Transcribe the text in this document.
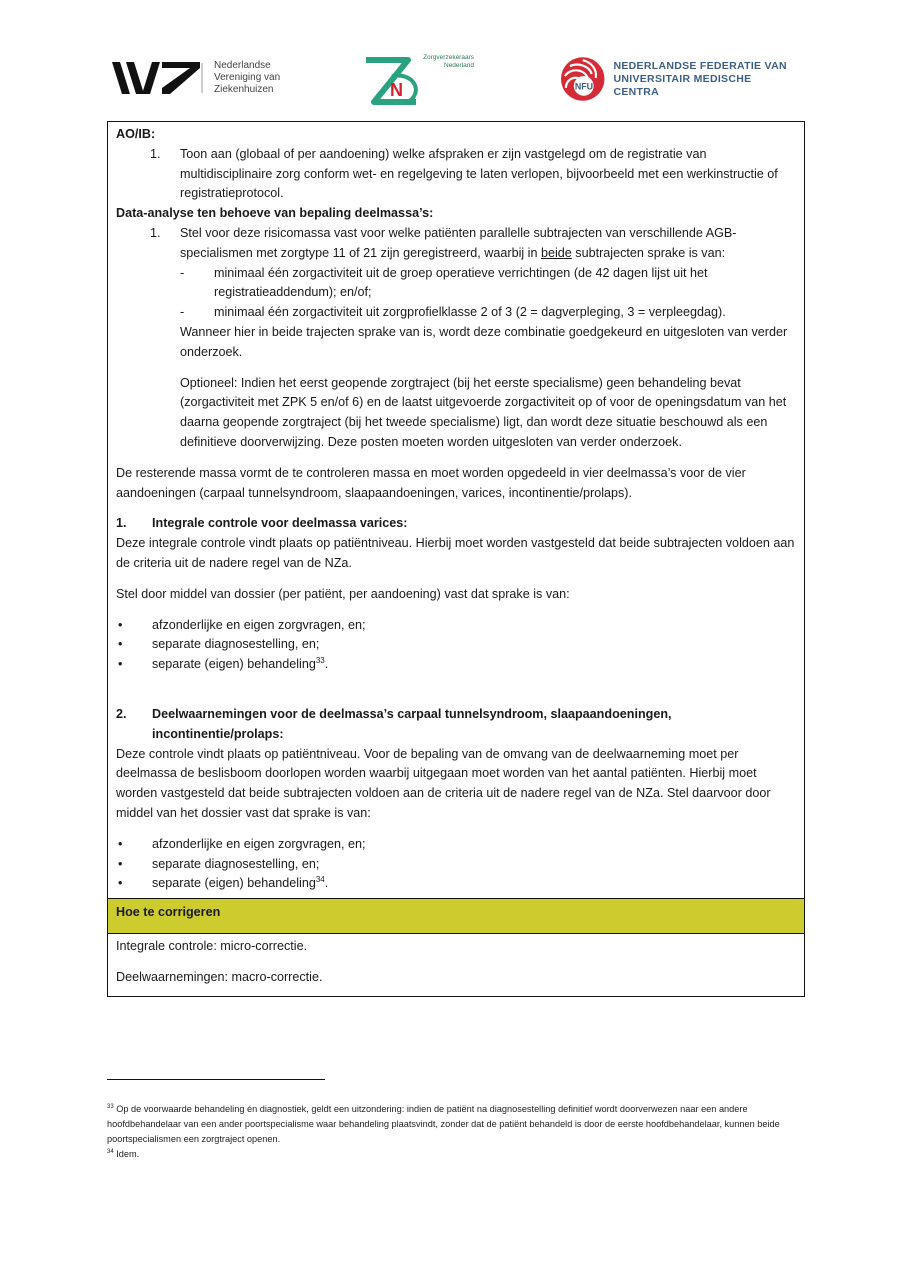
Nederlandse
Vereniging van
Ziekenhuizen	N
Zorgverzekeraars
Nederland
NFU
NEDERLANDSE FEDERATIE VAN
UNIVERSITAIR MEDISCHE CENTRA
AO/IB:
1.	Toon aan (globaal of per aandoening) welke afspraken er zijn vastgelegd om de registratie van multidisciplinaire zorg conform wet- en regelgeving te laten verlopen, bijvoorbeeld met een werkinstructie of registratieprotocol.
Data-analyse ten behoeve van bepaling deelmassa’s:
1.	Stel voor deze risicomassa vast voor welke patiënten parallelle subtrajecten van verschillende AGB-specialismen met zorgtype 11 of 21 zijn geregistreerd, waarbij in beide subtrajecten sprake is van:
-	minimaal één zorgactiviteit uit de groep operatieve verrichtingen (de 42 dagen lijst uit het registratieaddendum); en/of;
-	minimaal één zorgactiviteit uit zorgprofielklasse 2 of 3 (2 = dagverpleging, 3 = verpleegdag).
Wanneer hier in beide trajecten sprake van is, wordt deze combinatie goedgekeurd en uitgesloten van verder onderzoek.
Optioneel: Indien het eerst geopende zorgtraject (bij het eerste specialisme) geen behandeling bevat (zorgactiviteit met ZPK 5 en/of 6) en de laatst uitgevoerde zorgactiviteit op of voor de openingsdatum van het daarna geopende zorgtraject (bij het tweede specialisme) ligt, dan wordt deze situatie beschouwd als een definitieve doorverwijzing. Deze posten moeten worden uitgesloten van verder onderzoek.
De resterende massa vormt de te controleren massa en moet worden opgedeeld in vier deelmassa’s voor de vier aandoeningen (carpaal tunnelsyndroom, slaapaandoeningen, varices, incontinentie/prolaps).
1.	Integrale controle voor deelmassa varices:
Deze integrale controle vindt plaats op patiëntniveau. Hierbij moet worden vastgesteld dat beide subtrajecten voldoen aan de criteria uit de nadere regel van de NZa.
Stel door middel van dossier (per patiënt, per aandoening) vast dat sprake is van:
•	afzonderlijke en eigen zorgvragen, en;
•	separate diagnosestelling, en;
•	separate (eigen) behandeling$^{33}$.
2.	Deelwaarnemingen voor de deelmassa’s carpaal tunnelsyndroom, slaapaandoeningen, incontinentie/prolaps:
Deze controle vindt plaats op patiëntniveau. Voor de bepaling van de omvang van de deelwaarneming moet per deelmassa de beslisboom doorlopen worden waarbij uitgegaan moet worden van het aantal patiënten. Hierbij moet worden vastgesteld dat beide subtrajecten voldoen aan de criteria uit de nadere regel van de NZa. Stel daarvoor door middel van het dossier vast dat sprake is van:
•	afzonderlijke en eigen zorgvragen, en;
•	separate diagnosestelling, en;
•	separate (eigen) behandeling$^{34}$.
Hoe te corrigeren
Integrale controle: micro-correctie.
Deelwaarnemingen: macro-correctie.
$^{33}$ Op de voorwaarde behandeling én diagnostiek, geldt een uitzondering: indien de patiënt na diagnosestelling definitief wordt doorverwezen naar een andere hoofdbehandelaar van een ander poortspecialisme waar behandeling plaatsvindt, zonder dat de patiënt behandeld is door de eerste hoofdbehandelaar, kunnen beide poortspecialismen een zorgtraject openen.
$^{34}$ Idem.
